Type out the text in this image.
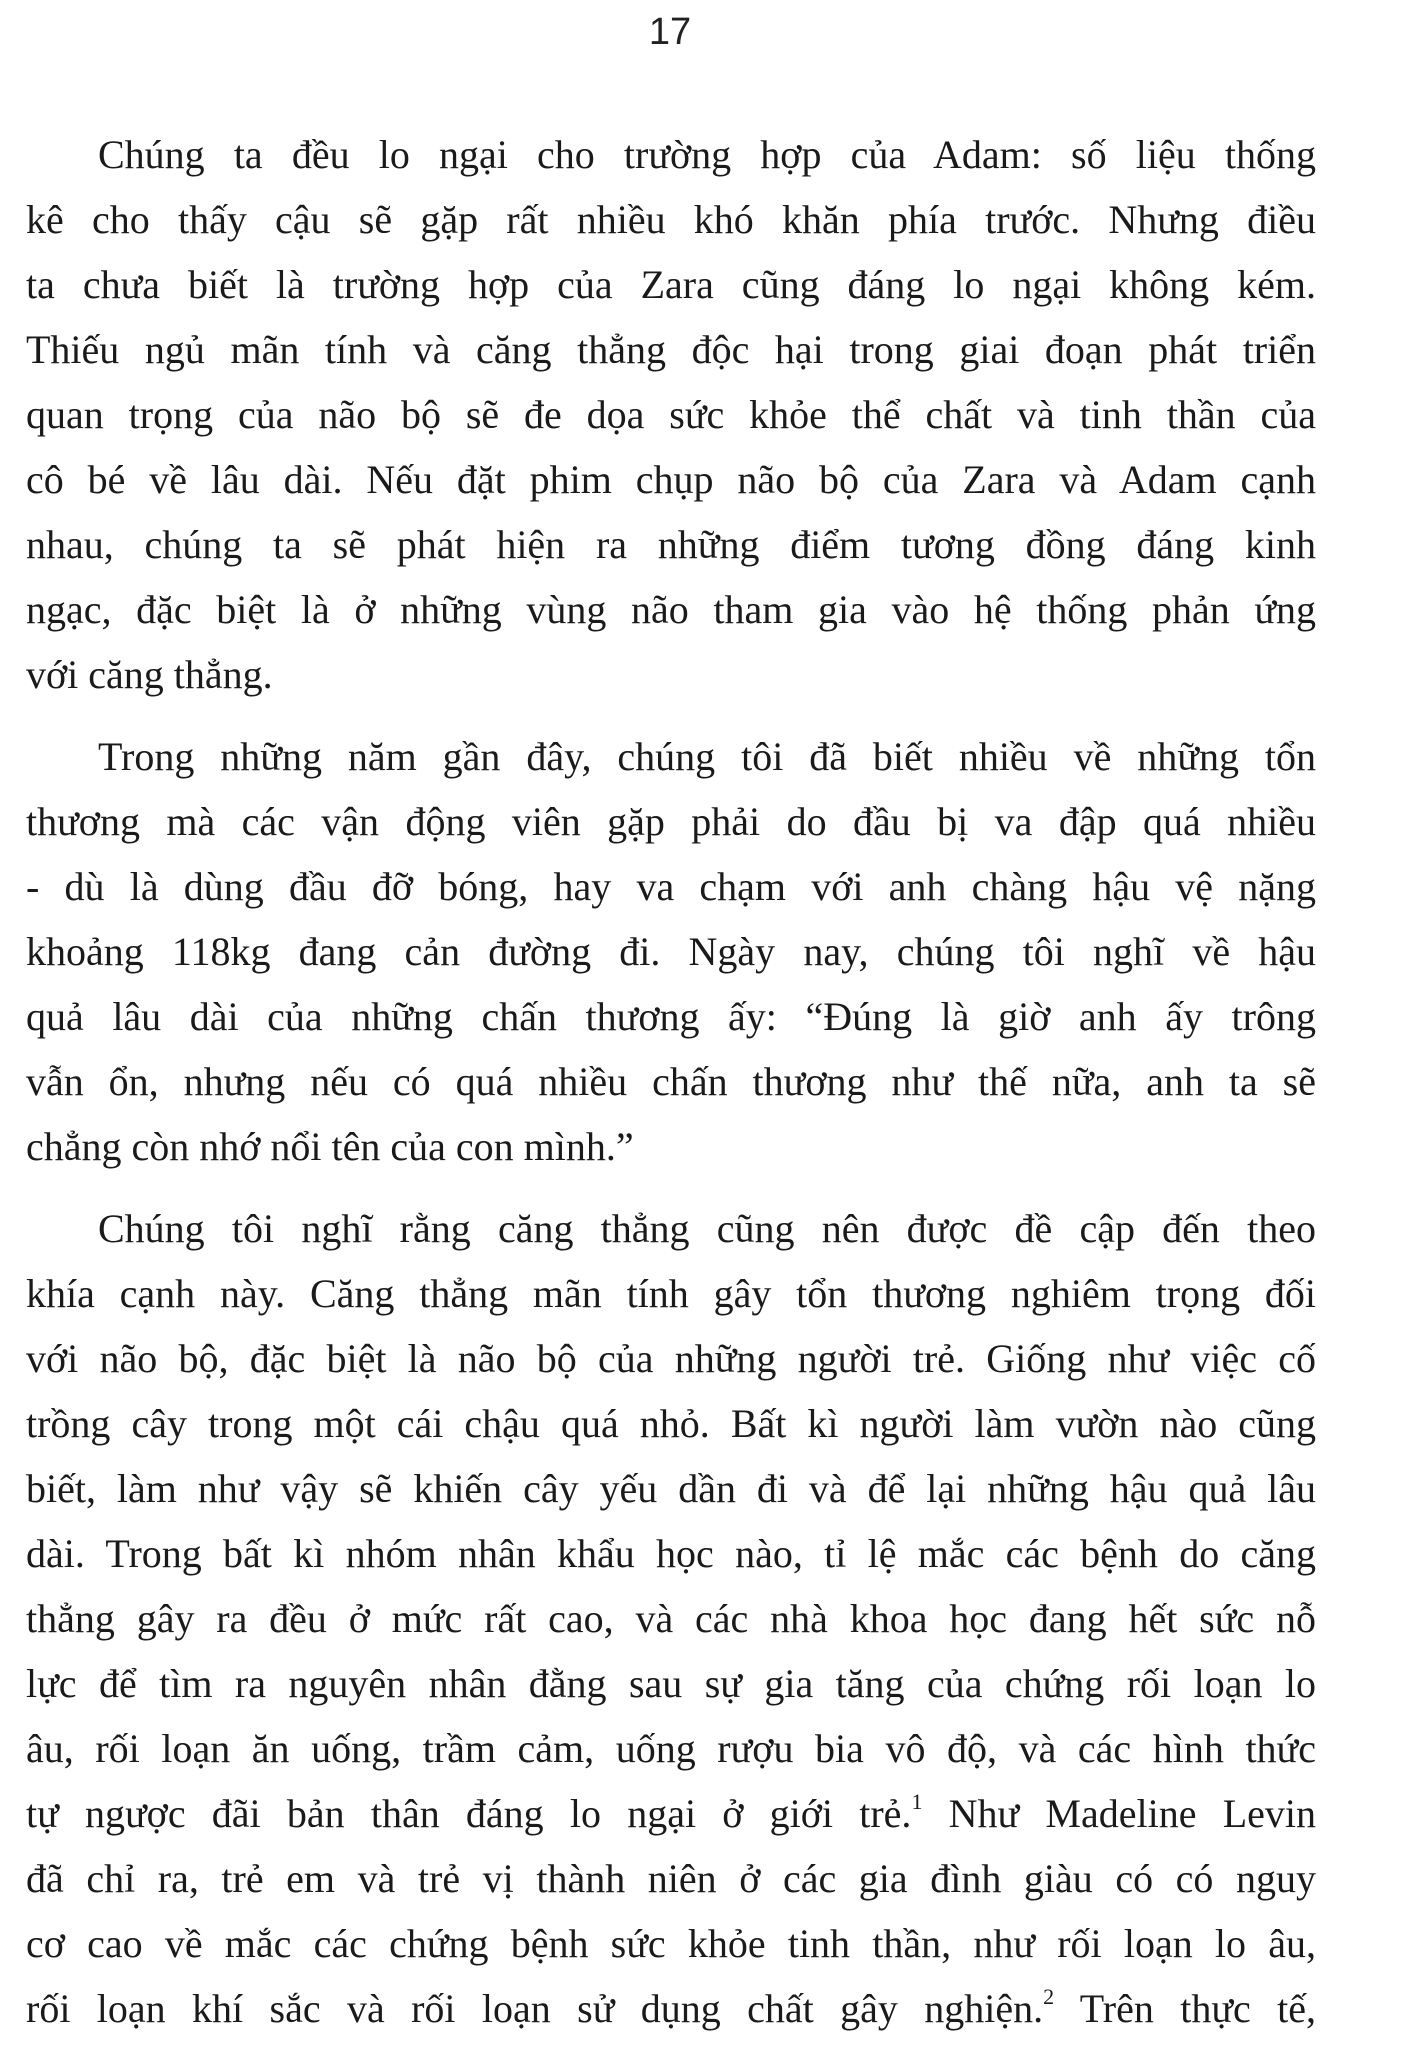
17
Chúng ta đều lo ngại cho trường hợp của Adam: số liệu thống
kê cho thấy cậu sẽ gặp rất nhiều khó khăn phía trước. Nhưng điều
ta chưa biết là trường hợp của Zara cũng đáng lo ngại không kém.
Thiếu ngủ mãn tính và căng thẳng độc hại trong giai đoạn phát triển
quan trọng của não bộ sẽ đe dọa sức khỏe thể chất và tinh thần của
cô bé về lâu dài. Nếu đặt phim chụp não bộ của Zara và Adam cạnh
nhau, chúng ta sẽ phát hiện ra những điểm tương đồng đáng kinh
ngạc, đặc biệt là ở những vùng não tham gia vào hệ thống phản ứng
với căng thẳng.
Trong những năm gần đây, chúng tôi đã biết nhiều về những tổn
thương mà các vận động viên gặp phải do đầu bị va đập quá nhiều
- dù là dùng đầu đỡ bóng, hay va chạm với anh chàng hậu vệ nặng
khoảng 118kg đang cản đường đi. Ngày nay, chúng tôi nghĩ về hậu
quả lâu dài của những chấn thương ấy: “Đúng là giờ anh ấy trông
vẫn ổn, nhưng nếu có quá nhiều chấn thương như thế nữa, anh ta sẽ
chẳng còn nhớ nổi tên của con mình.”
Chúng tôi nghĩ rằng căng thẳng cũng nên được đề cập đến theo
khía cạnh này. Căng thẳng mãn tính gây tổn thương nghiêm trọng đối
với não bộ, đặc biệt là não bộ của những người trẻ. Giống như việc cố
trồng cây trong một cái chậu quá nhỏ. Bất kì người làm vườn nào cũng
biết, làm như vậy sẽ khiến cây yếu dần đi và để lại những hậu quả lâu
dài. Trong bất kì nhóm nhân khẩu học nào, tỉ lệ mắc các bệnh do căng
thẳng gây ra đều ở mức rất cao, và các nhà khoa học đang hết sức nỗ
lực để tìm ra nguyên nhân đằng sau sự gia tăng của chứng rối loạn lo
âu, rối loạn ăn uống, trầm cảm, uống rượu bia vô độ, và các hình thức
tự ngược đãi bản thân đáng lo ngại ở giới trẻ.$^1$ Như Madeline Levin
đã chỉ ra, trẻ em và trẻ vị thành niên ở các gia đình giàu có có nguy
cơ cao về mắc các chứng bệnh sức khỏe tinh thần, như rối loạn lo âu,
rối loạn khí sắc và rối loạn sử dụng chất gây nghiện.$^2$ Trên thực tế,
